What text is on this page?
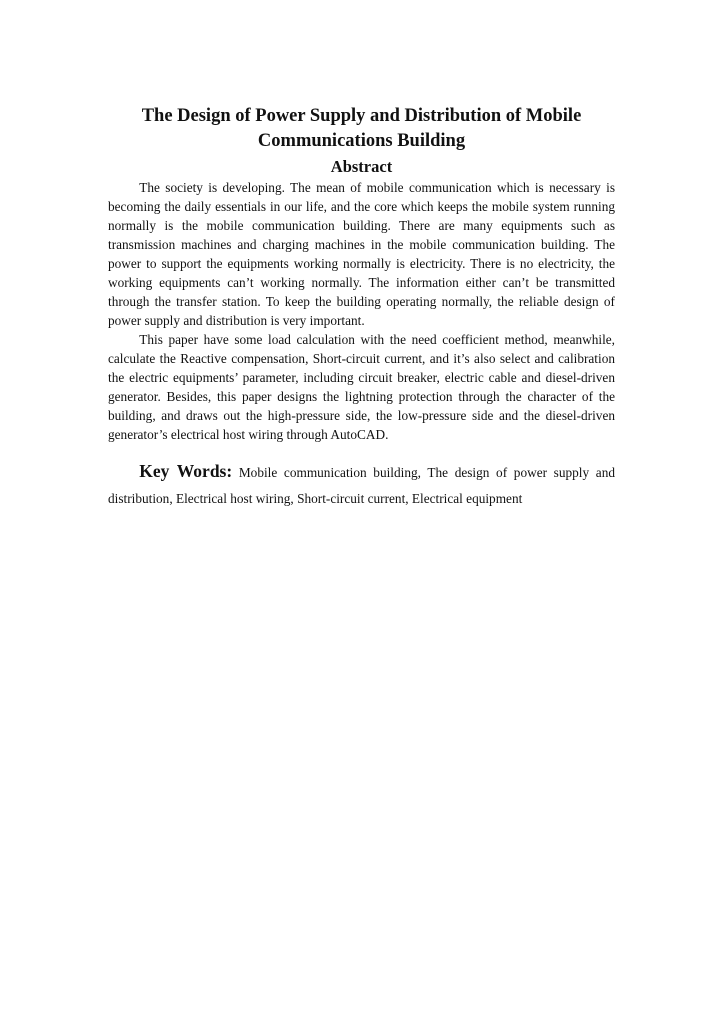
The Design of Power Supply and Distribution of Mobile
Communications Building
Abstract

The society is developing. The mean of mobile communication which is necessary is becoming the daily essentials in our life, and the core which keeps the mobile system running normally is the mobile communication building. There are many equipments such as transmission machines and charging machines in the mobile communication building. The power to support the equipments working normally is electricity. There is no electricity, the working equipments can’t working normally. The information either can’t be transmitted through the transfer station. To keep the building operating normally, the reliable design of power supply and distribution is very important.

This paper have some load calculation with the need coefficient method, meanwhile, calculate the Reactive compensation, Short-circuit current, and it’s also select and calibration the electric equipments’ parameter, including circuit breaker, electric cable and diesel-driven generator. Besides, this paper designs the lightning protection through the character of the building, and draws out the high-pressure side, the low-pressure side and the diesel-driven generator’s electrical host wiring through AutoCAD.

Key Words: Mobile communication building, The design of power supply and distribution, Electrical host wiring, Short-circuit current, Electrical equipment
